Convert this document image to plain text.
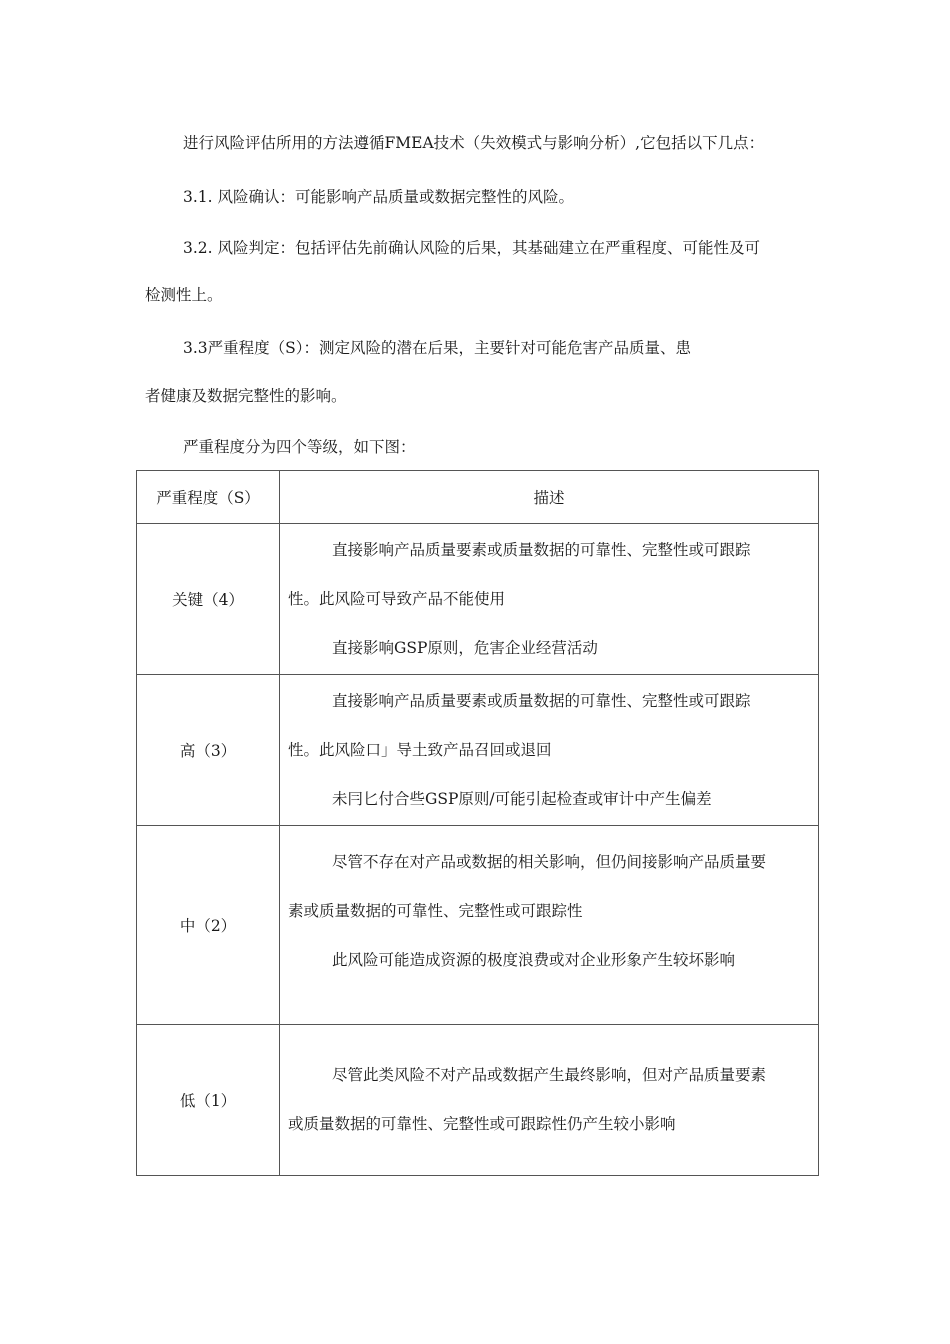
进行风险评估所用的方法遵循FMEA技术（失效模式与影响分析）,它包括以下几点：
3.1. 风险确认：可能影响产品质量或数据完整性的风险。
3.2. 风险判定：包括评估先前确认风险的后果，其基础建立在严重程度、可能性及可
检测性上。
3.3严重程度（S）：测定风险的潜在后果，主要针对可能危害产品质量、患
者健康及数据完整性的影响。
严重程度分为四个等级，如下图：
严重程度（S）	描述
关键（4）	直接影响产品质量要素或质量数据的可靠性、完整性或可跟踪

性。此风险可导致产品不能使用

直接影响GSP原则，危害企业经营活动

高（3）	直接影响产品质量要素或质量数据的可靠性、完整性或可跟踪

性。此风险口」导土致产品召回或退回

未冃匕付合些GSP原则/可能引起检查或审计中产生偏差

中（2）	尽管不存在对产品或数据的相关影响，但仍间接影响产品质量要

素或质量数据的可靠性、完整性或可跟踪性

此风险可能造成资源的极度浪费或对企业形象产生较坏影响

低（1）	尽管此类风险不对产品或数据产生最终影响，但对产品质量要素

或质量数据的可靠性、完整性或可跟踪性仍产生较小影响
